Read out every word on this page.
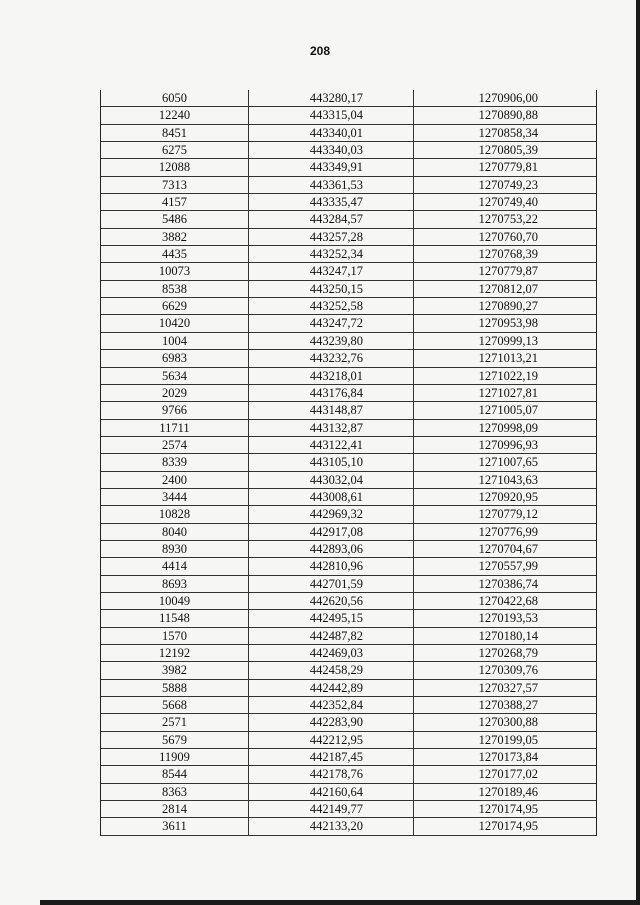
208
6050	443280,17	1270906,00
12240	443315,04	1270890,88
8451	443340,01	1270858,34
6275	443340,03	1270805,39
12088	443349,91	1270779,81
7313	443361,53	1270749,23
4157	443335,47	1270749,40
5486	443284,57	1270753,22
3882	443257,28	1270760,70
4435	443252,34	1270768,39
10073	443247,17	1270779,87
8538	443250,15	1270812,07
6629	443252,58	1270890,27
10420	443247,72	1270953,98
1004	443239,80	1270999,13
6983	443232,76	1271013,21
5634	443218,01	1271022,19
2029	443176,84	1271027,81
9766	443148,87	1271005,07
11711	443132,87	1270998,09
2574	443122,41	1270996,93
8339	443105,10	1271007,65
2400	443032,04	1271043,63
3444	443008,61	1270920,95
10828	442969,32	1270779,12
8040	442917,08	1270776,99
8930	442893,06	1270704,67
4414	442810,96	1270557,99
8693	442701,59	1270386,74
10049	442620,56	1270422,68
11548	442495,15	1270193,53
1570	442487,82	1270180,14
12192	442469,03	1270268,79
3982	442458,29	1270309,76
5888	442442,89	1270327,57
5668	442352,84	1270388,27
2571	442283,90	1270300,88
5679	442212,95	1270199,05
11909	442187,45	1270173,84
8544	442178,76	1270177,02
8363	442160,64	1270189,46
2814	442149,77	1270174,95
3611	442133,20	1270174,95
